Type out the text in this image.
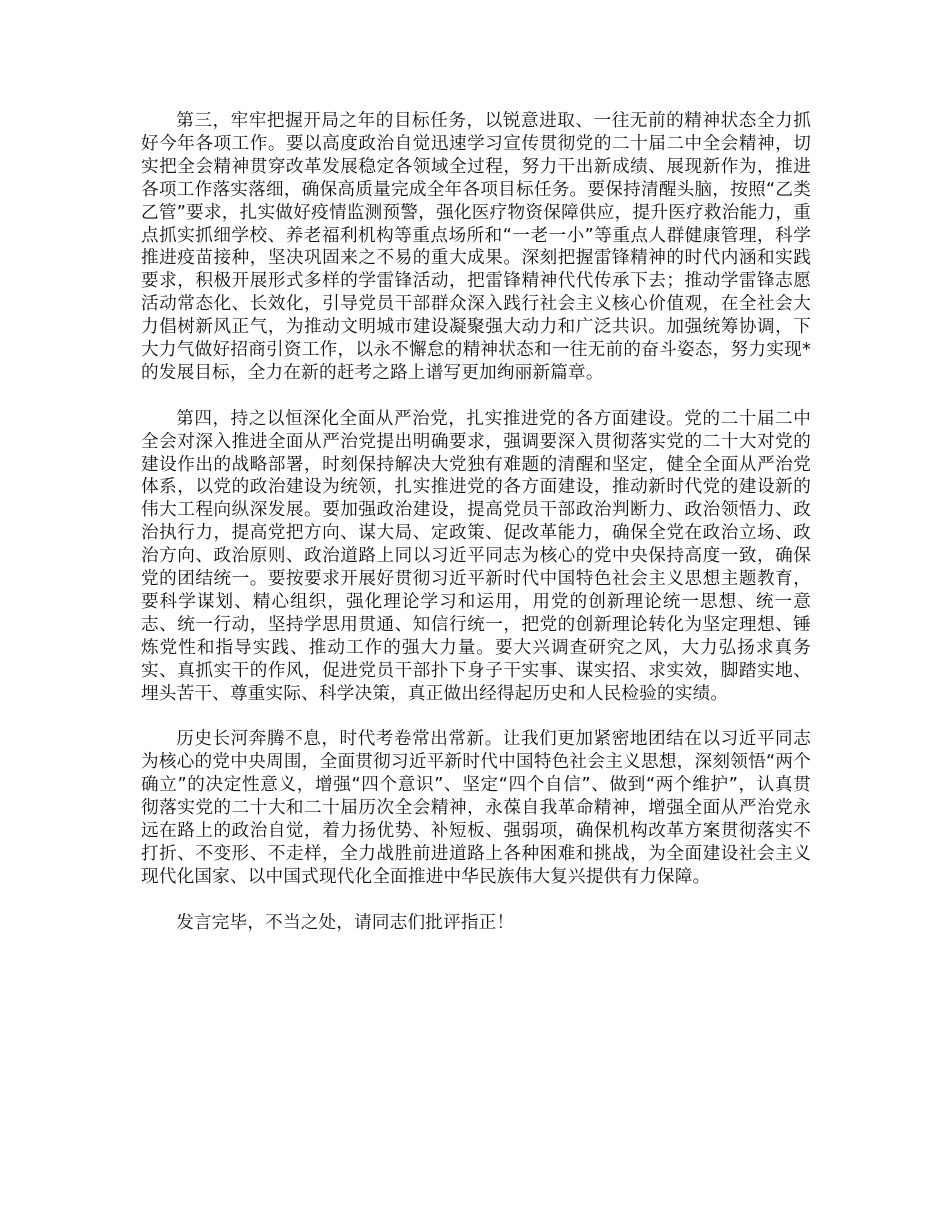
第三，牢牢把握开局之年的目标任务，以锐意进取、一往无前的精神状态全力抓好今年各项工作。要以高度政治自觉迅速学习宣传贯彻党的二十届二中全会精神，切实把全会精神贯穿改革发展稳定各领域全过程，努力干出新成绩、展现新作为，推进各项工作落实落细，确保高质量完成全年各项目标任务。要保持清醒头脑，按照“乙类乙管”要求，扎实做好疫情监测预警，强化医疗物资保障供应，提升医疗救治能力，重点抓实抓细学校、养老福利机构等重点场所和“一老一小”等重点人群健康管理，科学推进疫苗接种，坚决巩固来之不易的重大成果。深刻把握雷锋精神的时代内涵和实践要求，积极开展形式多样的学雷锋活动，把雷锋精神代代传承下去；推动学雷锋志愿活动常态化、长效化，引导党员干部群众深入践行社会主义核心价值观，在全社会大力倡树新风正气，为推动文明城市建设凝聚强大动力和广泛共识。加强统筹协调，下大力气做好招商引资工作，以永不懈怠的精神状态和一往无前的奋斗姿态，努力实现*的发展目标，全力在新的赶考之路上谱写更加绚丽新篇章。

第四，持之以恒深化全面从严治党，扎实推进党的各方面建设。党的二十届二中全会对深入推进全面从严治党提出明确要求，强调要深入贯彻落实党的二十大对党的建设作出的战略部署，时刻保持解决大党独有难题的清醒和坚定，健全全面从严治党体系，以党的政治建设为统领，扎实推进党的各方面建设，推动新时代党的建设新的伟大工程向纵深发展。要加强政治建设，提高党员干部政治判断力、政治领悟力、政治执行力，提高党把方向、谋大局、定政策、促改革能力，确保全党在政治立场、政治方向、政治原则、政治道路上同以习近平同志为核心的党中央保持高度一致，确保党的团结统一。要按要求开展好贯彻习近平新时代中国特色社会主义思想主题教育，要科学谋划、精心组织，强化理论学习和运用，用党的创新理论统一思想、统一意志、统一行动，坚持学思用贯通、知信行统一，把党的创新理论转化为坚定理想、锤炼党性和指导实践、推动工作的强大力量。要大兴调查研究之风，大力弘扬求真务实、真抓实干的作风，促进党员干部扑下身子干实事、谋实招、求实效，脚踏实地、埋头苦干、尊重实际、科学决策，真正做出经得起历史和人民检验的实绩。

历史长河奔腾不息，时代考卷常出常新。让我们更加紧密地团结在以习近平同志为核心的党中央周围，全面贯彻习近平新时代中国特色社会主义思想，深刻领悟“两个确立”的决定性意义，增强“四个意识”、坚定“四个自信”、做到“两个维护”，认真贯彻落实党的二十大和二十届历次全会精神，永葆自我革命精神，增强全面从严治党永远在路上的政治自觉，着力扬优势、补短板、强弱项，确保机构改革方案贯彻落实不打折、不变形、不走样，全力战胜前进道路上各种困难和挑战，为全面建设社会主义现代化国家、以中国式现代化全面推进中华民族伟大复兴提供有力保障。

发言完毕，不当之处，请同志们批评指正！
